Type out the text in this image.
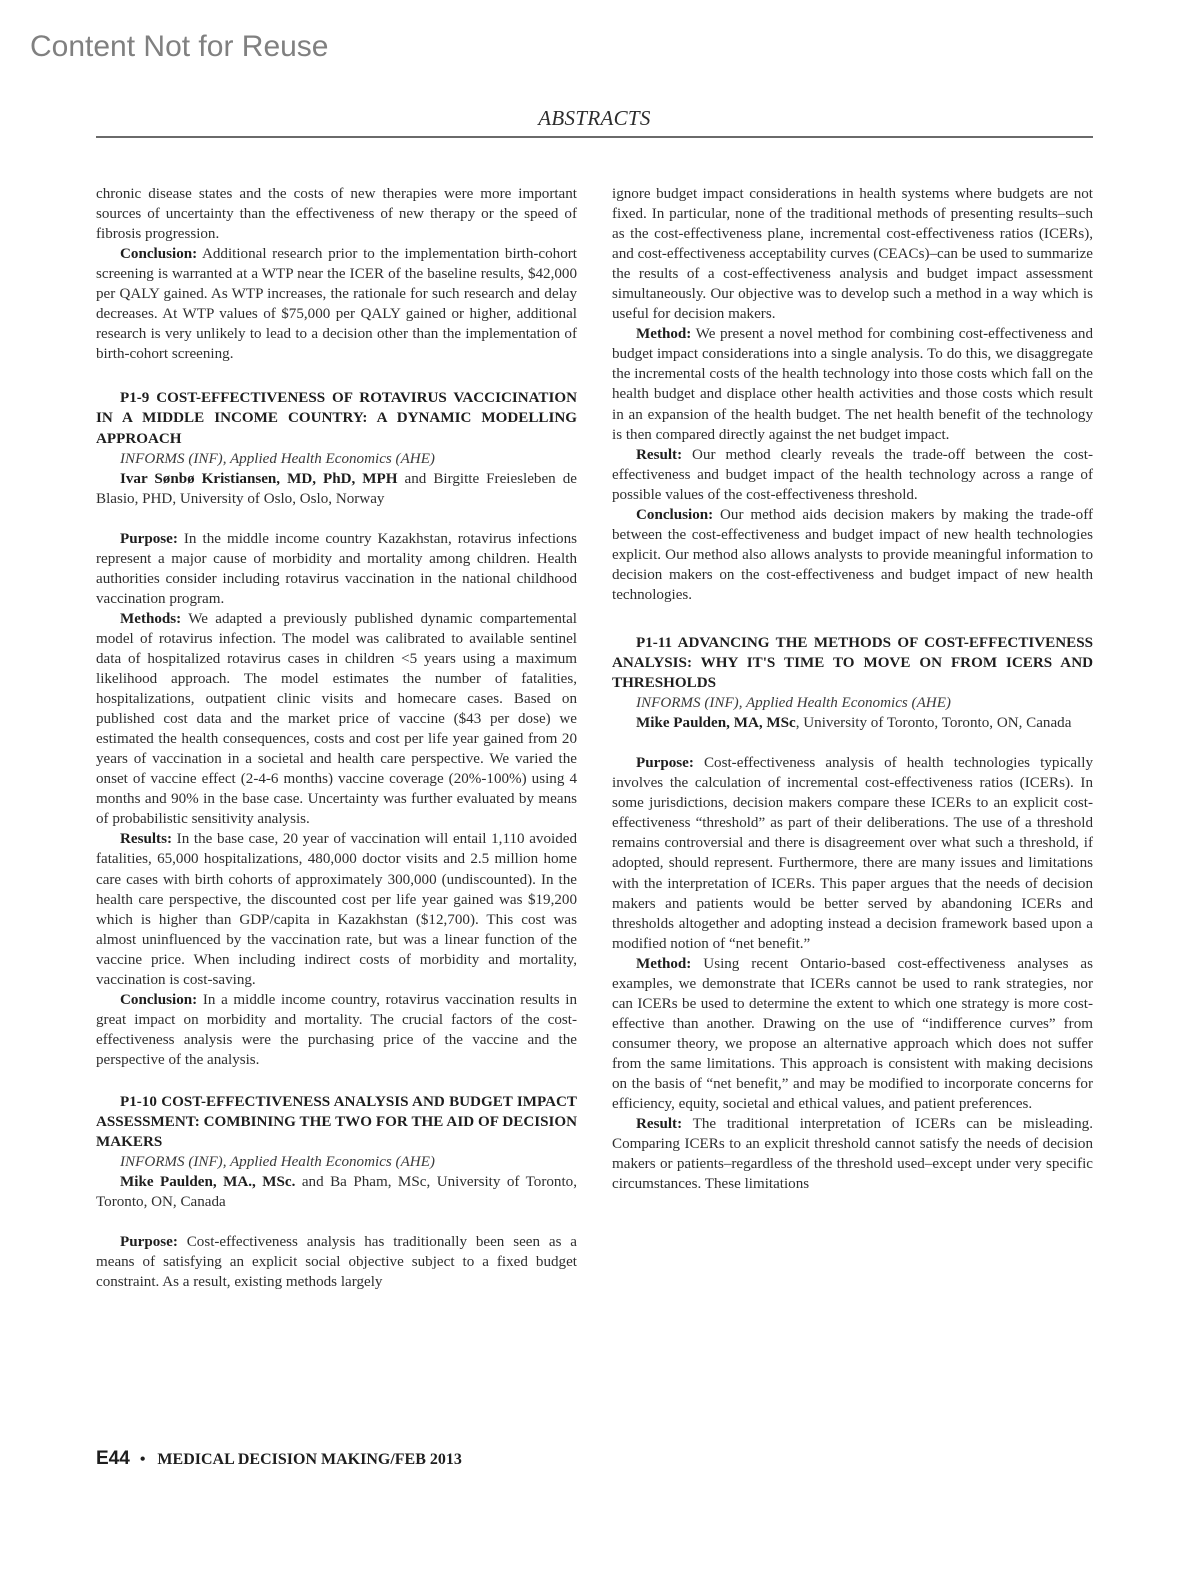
Content Not for Reuse
ABSTRACTS

chronic disease states and the costs of new therapies were more important sources of uncertainty than the effectiveness of new therapy or the speed of fibrosis progression.

Conclusion: Additional research prior to the implementation birth-cohort screening is warranted at a WTP near the ICER of the baseline results, $42,000 per QALY gained. As WTP increases, the rationale for such research and delay decreases. At WTP values of $75,000 per QALY gained or higher, additional research is very unlikely to lead to a decision other than the implementation of birth-cohort screening.

P1-9 COST-EFFECTIVENESS OF ROTAVIRUS VACCICINATION IN A MIDDLE INCOME COUNTRY: A DYNAMIC MODELLING APPROACH

INFORMS (INF), Applied Health Economics (AHE)

Ivar Sønbø Kristiansen, MD, PhD, MPH and Birgitte Freiesleben de Blasio, PHD, University of Oslo, Oslo, Norway

Purpose: In the middle income country Kazakhstan, rotavirus infections represent a major cause of morbidity and mortality among children. Health authorities consider including rotavirus vaccination in the national childhood vaccination program.

Methods: We adapted a previously published dynamic compartemental model of rotavirus infection. The model was calibrated to available sentinel data of hospitalized rotavirus cases in children <5 years using a maximum likelihood approach. The model estimates the number of fatalities, hospitalizations, outpatient clinic visits and homecare cases. Based on published cost data and the market price of vaccine ($43 per dose) we estimated the health consequences, costs and cost per life year gained from 20 years of vaccination in a societal and health care perspective. We varied the onset of vaccine effect (2-4-6 months) vaccine coverage (20%-100%) using 4 months and 90% in the base case. Uncertainty was further evaluated by means of probabilistic sensitivity analysis.

Results: In the base case, 20 year of vaccination will entail 1,110 avoided fatalities, 65,000 hospitalizations, 480,000 doctor visits and 2.5 million home care cases with birth cohorts of approximately 300,000 (undiscounted). In the health care perspective, the discounted cost per life year gained was $19,200 which is higher than GDP/capita in Kazakhstan ($12,700). This cost was almost uninfluenced by the vaccination rate, but was a linear function of the vaccine price. When including indirect costs of morbidity and mortality, vaccination is cost-saving.

Conclusion: In a middle income country, rotavirus vaccination results in great impact on morbidity and mortality. The crucial factors of the cost-effectiveness analysis were the purchasing price of the vaccine and the perspective of the analysis.

P1-10 COST-EFFECTIVENESS ANALYSIS AND BUDGET IMPACT ASSESSMENT: COMBINING THE TWO FOR THE AID OF DECISION MAKERS

INFORMS (INF), Applied Health Economics (AHE)

Mike Paulden, MA., MSc. and Ba Pham, MSc, University of Toronto, Toronto, ON, Canada

Purpose: Cost-effectiveness analysis has traditionally been seen as a means of satisfying an explicit social objective subject to a fixed budget constraint. As a result, existing methods largely

ignore budget impact considerations in health systems where budgets are not fixed. In particular, none of the traditional methods of presenting results–such as the cost-effectiveness plane, incremental cost-effectiveness ratios (ICERs), and cost-effectiveness acceptability curves (CEACs)–can be used to summarize the results of a cost-effectiveness analysis and budget impact assessment simultaneously. Our objective was to develop such a method in a way which is useful for decision makers.

Method: We present a novel method for combining cost-effectiveness and budget impact considerations into a single analysis. To do this, we disaggregate the incremental costs of the health technology into those costs which fall on the health budget and displace other health activities and those costs which result in an expansion of the health budget. The net health benefit of the technology is then compared directly against the net budget impact.

Result: Our method clearly reveals the trade-off between the cost-effectiveness and budget impact of the health technology across a range of possible values of the cost-effectiveness threshold.

Conclusion: Our method aids decision makers by making the trade-off between the cost-effectiveness and budget impact of new health technologies explicit. Our method also allows analysts to provide meaningful information to decision makers on the cost-effectiveness and budget impact of new health technologies.

P1-11 ADVANCING THE METHODS OF COST-EFFECTIVENESS ANALYSIS: WHY IT'S TIME TO MOVE ON FROM ICERS AND THRESHOLDS

INFORMS (INF), Applied Health Economics (AHE)

Mike Paulden, MA, MSc, University of Toronto, Toronto, ON, Canada

Purpose: Cost-effectiveness analysis of health technologies typically involves the calculation of incremental cost-effectiveness ratios (ICERs). In some jurisdictions, decision makers compare these ICERs to an explicit cost-effectiveness “threshold” as part of their deliberations. The use of a threshold remains controversial and there is disagreement over what such a threshold, if adopted, should represent. Furthermore, there are many issues and limitations with the interpretation of ICERs. This paper argues that the needs of decision makers and patients would be better served by abandoning ICERs and thresholds altogether and adopting instead a decision framework based upon a modified notion of “net benefit.”

Method: Using recent Ontario-based cost-effectiveness analyses as examples, we demonstrate that ICERs cannot be used to rank strategies, nor can ICERs be used to determine the extent to which one strategy is more cost-effective than another. Drawing on the use of “indifference curves” from consumer theory, we propose an alternative approach which does not suffer from the same limitations. This approach is consistent with making decisions on the basis of “net benefit,” and may be modified to incorporate concerns for efficiency, equity, societal and ethical values, and patient preferences.

Result: The traditional interpretation of ICERs can be misleading. Comparing ICERs to an explicit threshold cannot satisfy the needs of decision makers or patients–regardless of the threshold used–except under very specific circumstances. These limitations

E44 • MEDICAL DECISION MAKING/FEB 2013
